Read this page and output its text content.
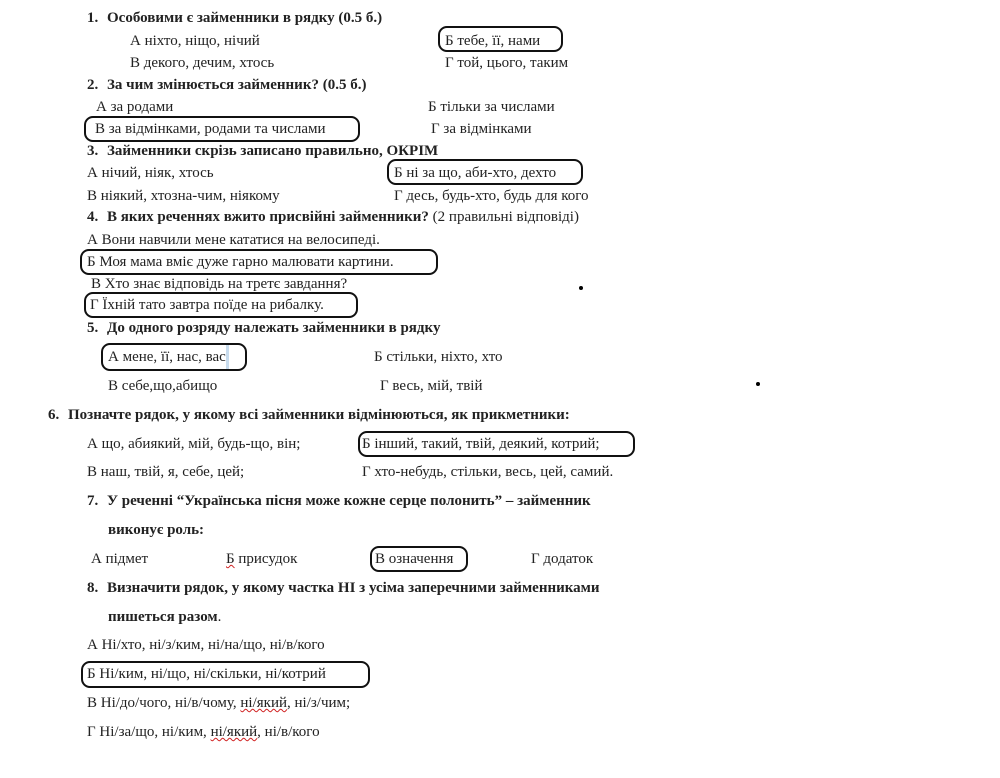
1. Особовими є займенники в рядку (0.5 б.)
А ніхто, ніщо, нічий	Б тебе, її, нами
В декого, дечим, хтось	Г той, цього, таким
2. За чим змінюється займенник? (0.5 б.)
А за родами	Б тільки за числами
В за відмінками, родами та числами	Г за відмінками
3. Займенники скрізь записано правильно, ОКРІМ
А нічий, ніяк, хтось	Б ні за що, аби-хто, дехто
В ніякий, хтозна-чим, ніякому	Г десь, будь-хто, будь для кого
4. В яких реченнях вжито присвійні займенники? (2 правильні відповіді)
А Вони навчили мене кататися на велосипеді.
Б Моя мама вміє дуже гарно малювати картини.
В Хто знає відповідь на третє завдання?
Г Їхній тато завтра поїде на рибалку.
5. До одного розряду належать займенники в рядку
А мене, її, нас, вас	Б стільки, ніхто, хто
В себе,що,абищо	Г весь, мій, твій
6. Позначте рядок, у якому всі займенники відмінюються, як прикметники:
А що, абиякий, мій, будь-що, він;	Б інший, такий, твій, деякий, котрий;
В наш, твій, я, себе, цей;	Г хто-небудь, стільки, весь, цей, самий.
7. У реченні “Українська пісня може кожне серце полонить” – займенник
виконує роль:
А підмет	Б присудок	В означення	Г додаток
8. Визначити рядок, у якому частка НІ з усіма заперечними займенниками
пишеться разом.
А Ні/хто, ні/з/ким, ні/на/що, ні/в/кого
Б Ні/ким, ні/що, ні/скільки, ні/котрий
В Ні/до/чого, ні/в/чому, ні/який, ні/з/чим;
Г Ні/за/що, ні/ким, ні/який, ні/в/кого
